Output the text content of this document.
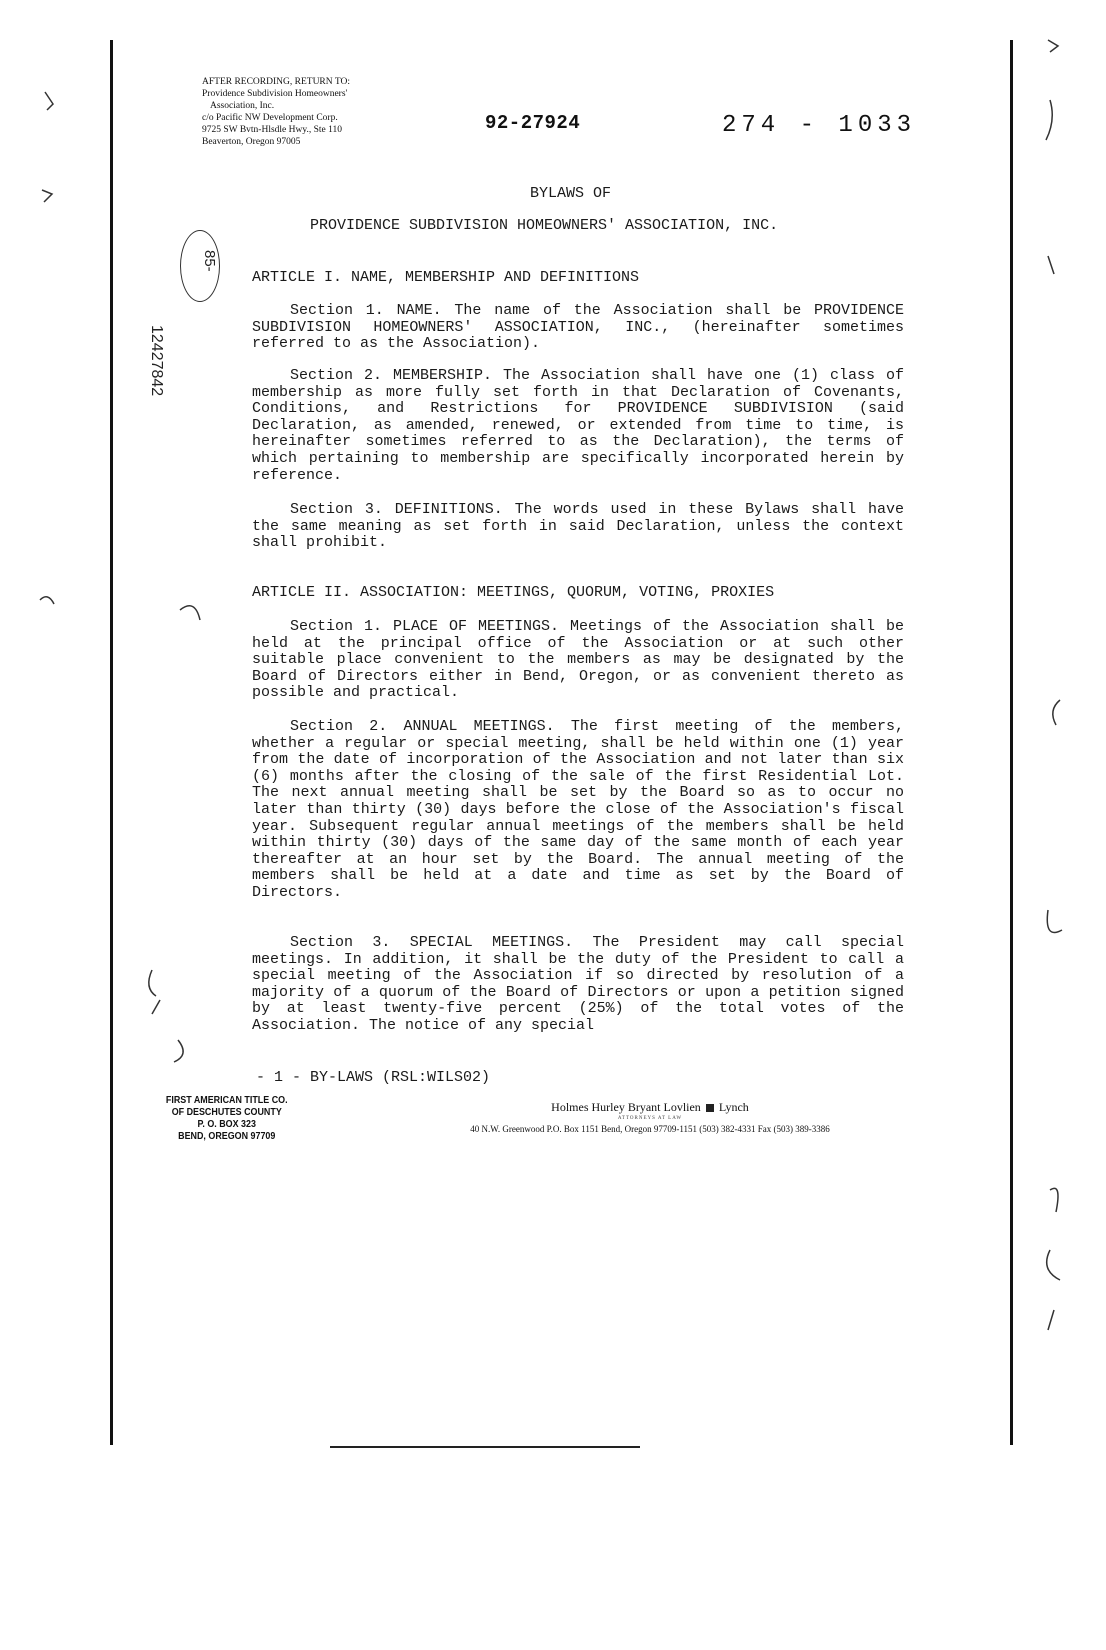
AFTER RECORDING, RETURN TO:
Providence Subdivision Homeowners'
Association, Inc.
c/o Pacific NW Development Corp.
9725 SW Bvtn-Hlsdle Hwy., Ste 110
Beaverton, Oregon 97005
92-27924	274 - 1033
85-
12427842
BYLAWS OF
PROVIDENCE SUBDIVISION HOMEOWNERS' ASSOCIATION, INC.
ARTICLE I. NAME, MEMBERSHIP AND DEFINITIONS
Section 1. NAME. The name of the Association shall be PROVIDENCE SUBDIVISION HOMEOWNERS' ASSOCIATION, INC., (hereinafter sometimes referred to as the Association).
Section 2. MEMBERSHIP. The Association shall have one (1) class of membership as more fully set forth in that Declaration of Covenants, Conditions, and Restrictions for PROVIDENCE SUBDIVISION (said Declaration, as amended, renewed, or extended from time to time, is hereinafter sometimes referred to as the Declaration), the terms of which pertaining to membership are specifically incorporated herein by reference.
Section 3. DEFINITIONS. The words used in these Bylaws shall have the same meaning as set forth in said Declaration, unless the context shall prohibit.
ARTICLE II. ASSOCIATION: MEETINGS, QUORUM, VOTING, PROXIES
Section 1. PLACE OF MEETINGS. Meetings of the Association shall be held at the principal office of the Association or at such other suitable place convenient to the members as may be designated by the Board of Directors either in Bend, Oregon, or as convenient thereto as possible and practical.
Section 2. ANNUAL MEETINGS. The first meeting of the members, whether a regular or special meeting, shall be held within one (1) year from the date of incorporation of the Association and not later than six (6) months after the closing of the sale of the first Residential Lot. The next annual meeting shall be set by the Board so as to occur no later than thirty (30) days before the close of the Association's fiscal year. Subsequent regular annual meetings of the members shall be held within thirty (30) days of the same day of the same month of each year thereafter at an hour set by the Board. The annual meeting of the members shall be held at a date and time as set by the Board of Directors.
Section 3. SPECIAL MEETINGS. The President may call special meetings. In addition, it shall be the duty of the President to call a special meeting of the Association if so directed by resolution of a majority of a quorum of the Board of Directors or upon a petition signed by at least twenty-five percent (25%) of the total votes of the Association. The notice of any special
- 1 - BY-LAWS (RSL:WILS02)
FIRST AMERICAN TITLE CO.
OF DESCHUTES COUNTY
P. O. BOX 323
BEND, OREGON 97709
Holmes Hurley Bryant Lovlien Lynch
ATTORNEYS AT LAW
40 N.W. Greenwood P.O. Box 1151 Bend, Oregon 97709-1151 (503) 382-4331 Fax (503) 389-3386
